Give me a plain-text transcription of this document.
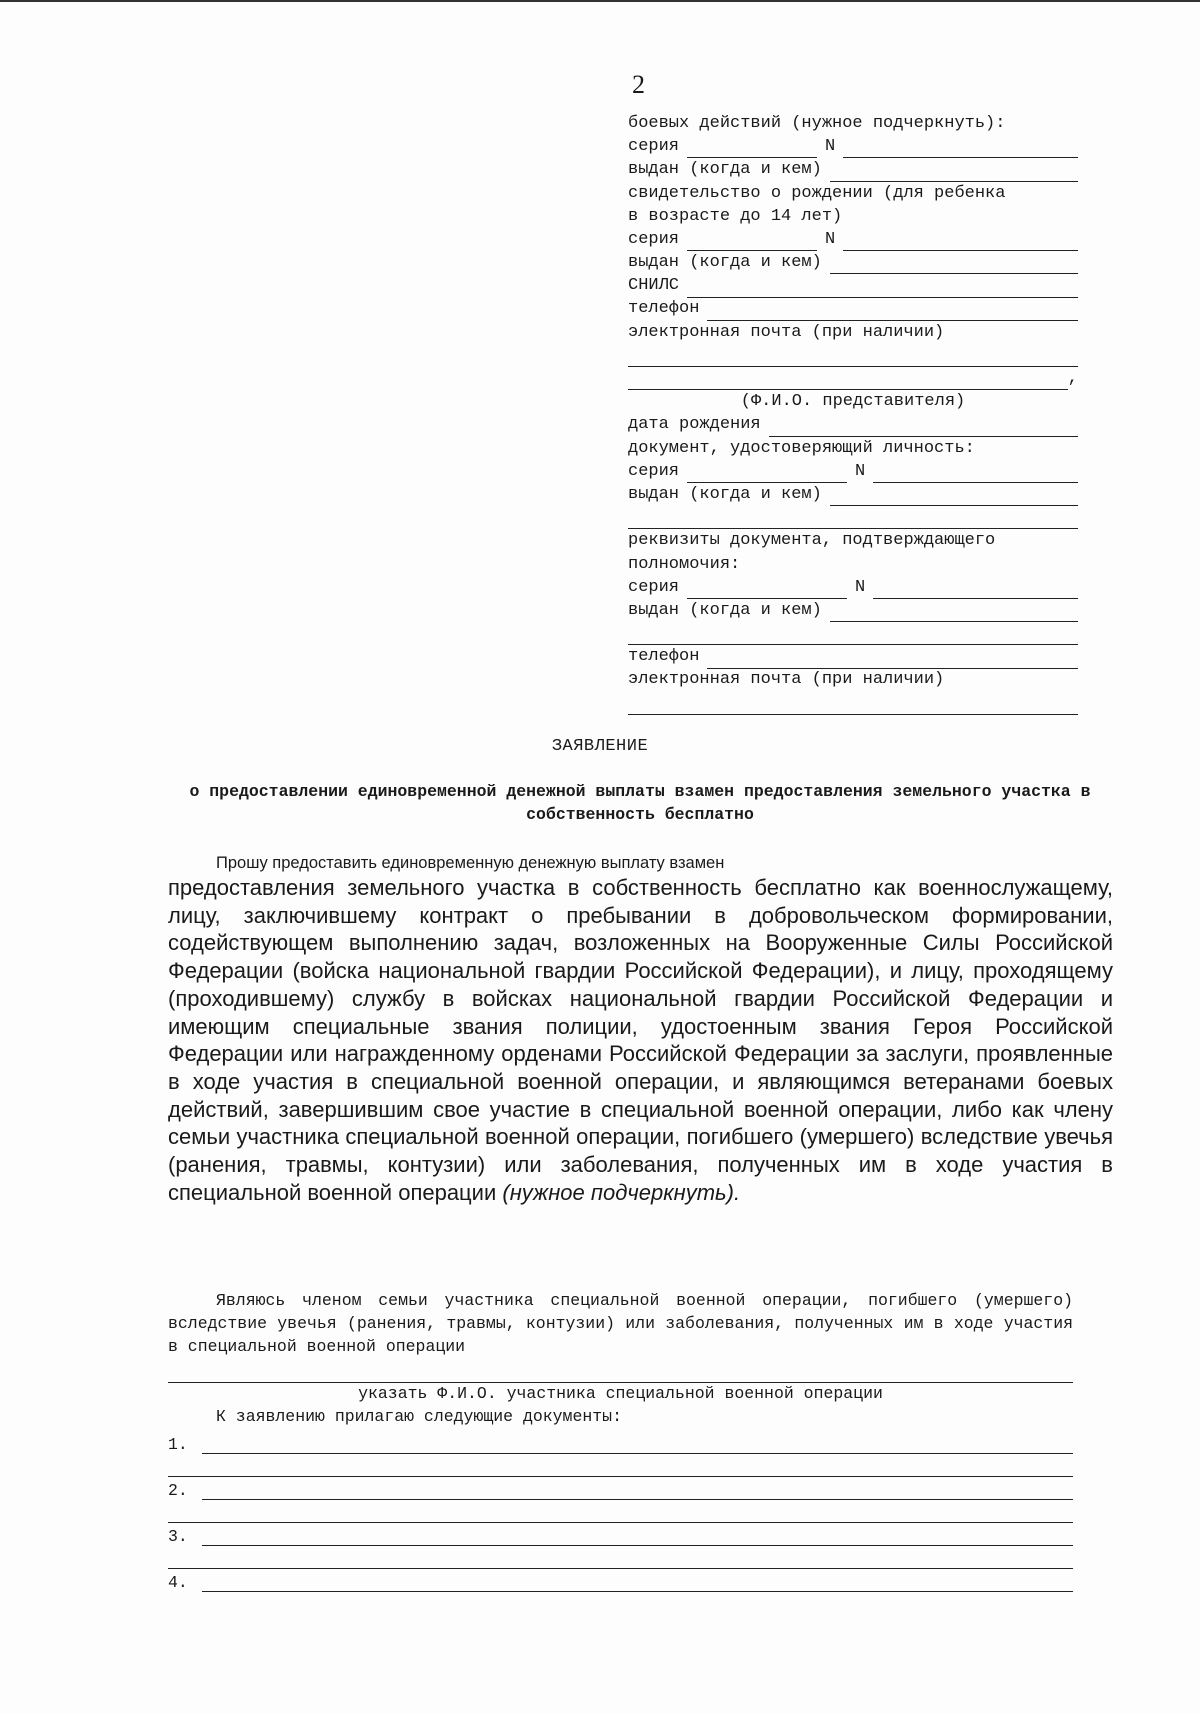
2
боевых действий (нужное подчеркнуть):
серия	N
выдан (когда и кем)
свидетельство о рождении (для ребенка
в возрасте до 14 лет)
серия	N
выдан (когда и кем)
СНИЛС
телефон
электронная почта (при наличии)
,
(Ф.И.О. представителя)
дата рождения
документ, удостоверяющий личность:
серия	N
выдан (когда и кем)
реквизиты документа, подтверждающего
полномочия:
серия	N
выдан (когда и кем)
телефон
электронная почта (при наличии)
ЗАЯВЛЕНИЕ
о предоставлении единовременной денежной выплаты взамен предоставления земельного участка в собственность бесплатно
Прошу предоставить единовременную денежную выплату взамен
предоставления земельного участка в собственность бесплатно как военнослужащему, лицу, заключившему контракт о пребывании в добровольческом формировании, содействующем выполнению задач, возложенных на Вооруженные Силы Российской Федерации (войска национальной гвардии Российской Федерации), и лицу, проходящему (проходившему) службу в войсках национальной гвардии Российской Федерации и имеющим специальные звания полиции, удостоенным звания Героя Российской Федерации или награжденному орденами Российской Федерации за заслуги, проявленные в ходе участия в специальной военной операции, и являющимся ветеранами боевых действий, завершившим свое участие в специальной военной операции, либо как члену семьи участника специальной военной операции, погибшего (умершего) вследствие увечья (ранения, травмы, контузии) или заболевания, полученных им в ходе участия в специальной военной операции (нужное подчеркнуть).
Являюсь членом семьи участника специальной военной операции, погибшего (умершего) вследствие увечья (ранения, травмы, контузии) или заболевания, полученных им в ходе участия в специальной военной операции
указать Ф.И.О. участника специальной военной операции
К заявлению прилагаю следующие документы:
1.
2.
3.
4.
